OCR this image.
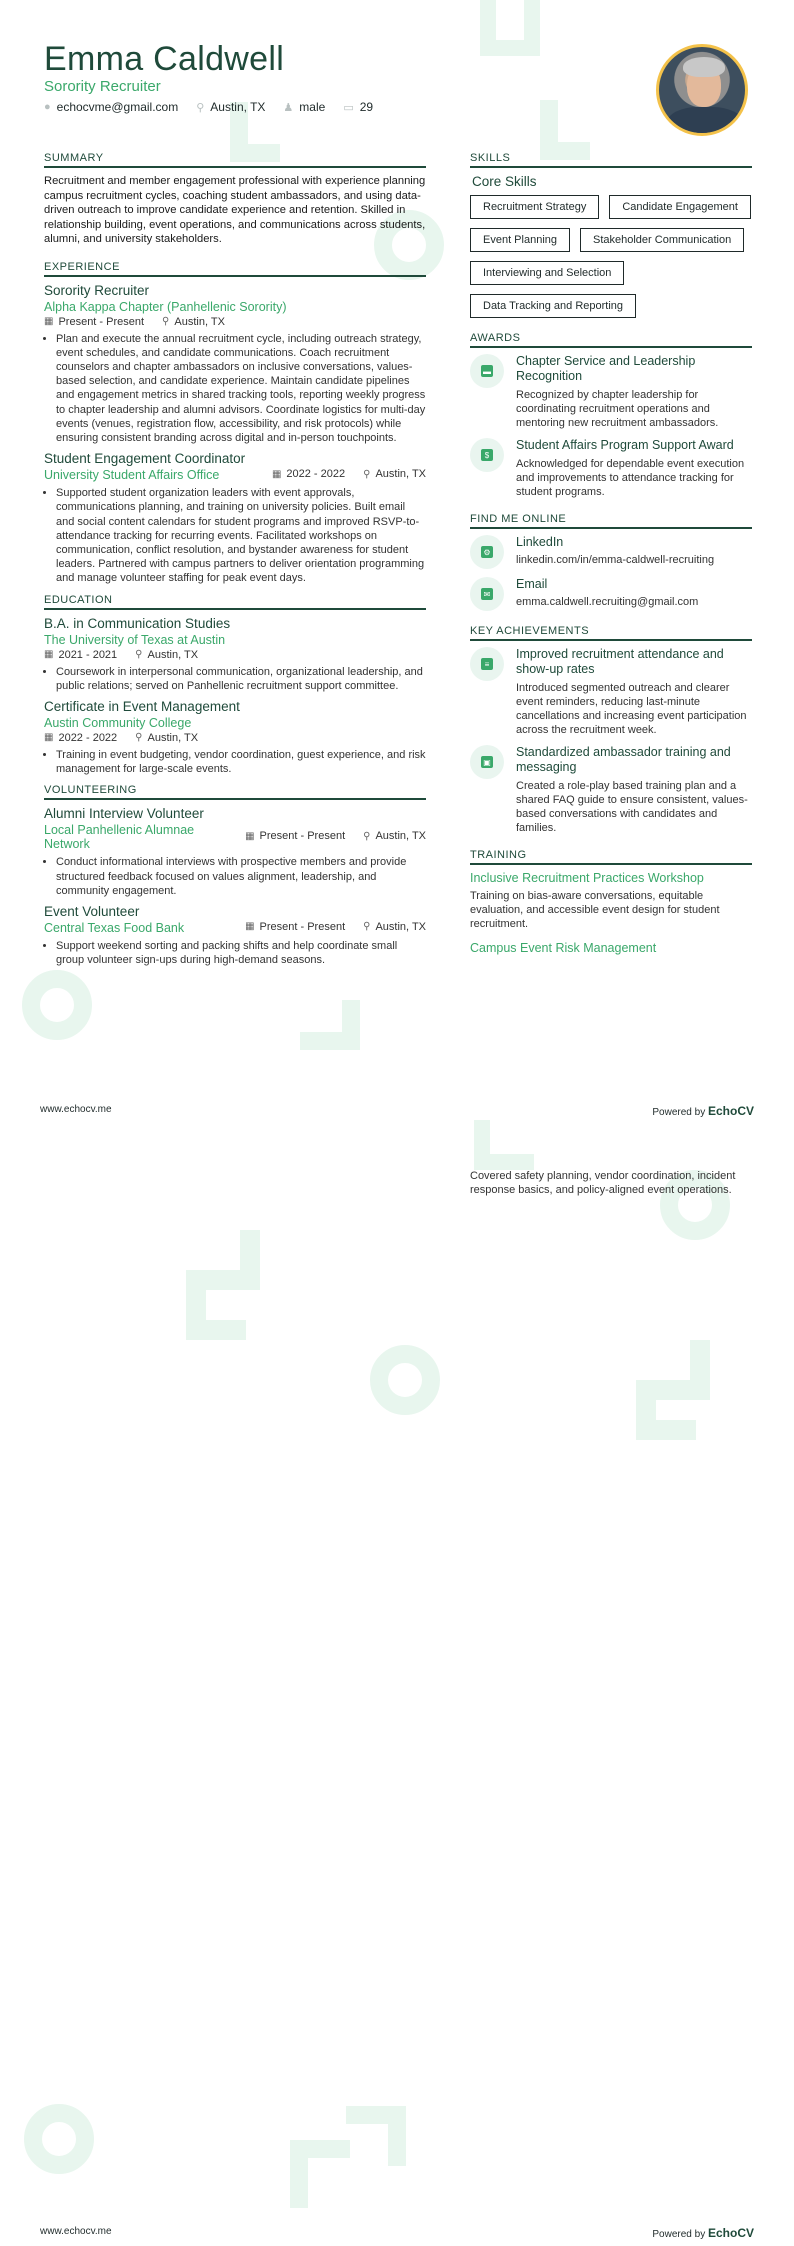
Emma Caldwell
Sorority Recruiter
● echocvme@gmail.com ⚲ Austin, TX ♟ male ▭ 29
SUMMARY

Recruitment and member engagement professional with experience planning campus recruitment cycles, coaching student ambassadors, and using data-driven outreach to improve candidate experience and retention. Skilled in relationship building, event operations, and communications across students, alumni, and university stakeholders.

EXPERIENCE
Sorority Recruiter
Alpha Kappa Chapter (Panhellenic Sorority)
▦ Present - Present ⚲ Austin, TX
• Plan and execute the annual recruitment cycle, including outreach strategy, event schedules, and candidate communications. Coach recruitment counselors and chapter ambassadors on inclusive conversations, values-based selection, and candidate experience. Maintain candidate pipelines and engagement metrics in shared tracking tools, reporting weekly progress to chapter leadership and alumni advisors. Coordinate logistics for multi-day events (venues, registration flow, accessibility, and risk protocols) while ensuring consistent branding across digital and in-person touchpoints.
Student Engagement Coordinator
University Student Affairs Office	▦ 2022 - 2022 ⚲ Austin, TX
• Supported student organization leaders with event approvals, communications planning, and training on university policies. Built email and social content calendars for student programs and improved RSVP-to-attendance tracking for recurring events. Facilitated workshops on communication, conflict resolution, and bystander awareness for student leaders. Partnered with campus partners to deliver orientation programming and manage volunteer staffing for peak event days.
EDUCATION
B.A. in Communication Studies
The University of Texas at Austin
▦ 2021 - 2021 ⚲ Austin, TX
• Coursework in interpersonal communication, organizational leadership, and public relations; served on Panhellenic recruitment support committee.
Certificate in Event Management
Austin Community College
▦ 2022 - 2022 ⚲ Austin, TX
• Training in event budgeting, vendor coordination, guest experience, and risk management for large-scale events.
VOLUNTEERING
Alumni Interview Volunteer
Local Panhellenic Alumnae Network
▦ Present - Present ⚲ Austin, TX
• Conduct informational interviews with prospective members and provide structured feedback focused on values alignment, leadership, and community engagement.
Event Volunteer
Central Texas Food Bank	▦ Present - Present ⚲ Austin, TX
• Support weekend sorting and packing shifts and help coordinate small group volunteer sign-ups during high-demand seasons.
SKILLS
Core Skills
Recruitment Strategy	Candidate Engagement
Event Planning	Stakeholder Communication
Interviewing and Selection
Data Tracking and Reporting
AWARDS
▬
Chapter Service and Leadership Recognition
Recognized by chapter leadership for coordinating recruitment operations and mentoring new recruitment ambassadors.
$
Student Affairs Program Support Award
Acknowledged for dependable event execution and improvements to attendance tracking for student programs.
FIND ME ONLINE
⚙
LinkedIn
linkedin.com/in/emma-caldwell-recruiting
✉
Email
emma.caldwell.recruiting@gmail.com
KEY ACHIEVEMENTS
≡
Improved recruitment attendance and show-up rates
Introduced segmented outreach and clearer event reminders, reducing last-minute cancellations and increasing event participation across the recruitment week.
▣
Standardized ambassador training and messaging
Created a role-play based training plan and a shared FAQ guide to ensure consistent, values-based conversations with candidates and families.
TRAINING
Inclusive Recruitment Practices Workshop
Training on bias-aware conversations, equitable evaluation, and accessible event design for student recruitment.
Campus Event Risk Management
www.echocv.me	Powered by EchoCV
Covered safety planning, vendor coordination, incident response basics, and policy-aligned event operations.
www.echocv.me	Powered by EchoCV
